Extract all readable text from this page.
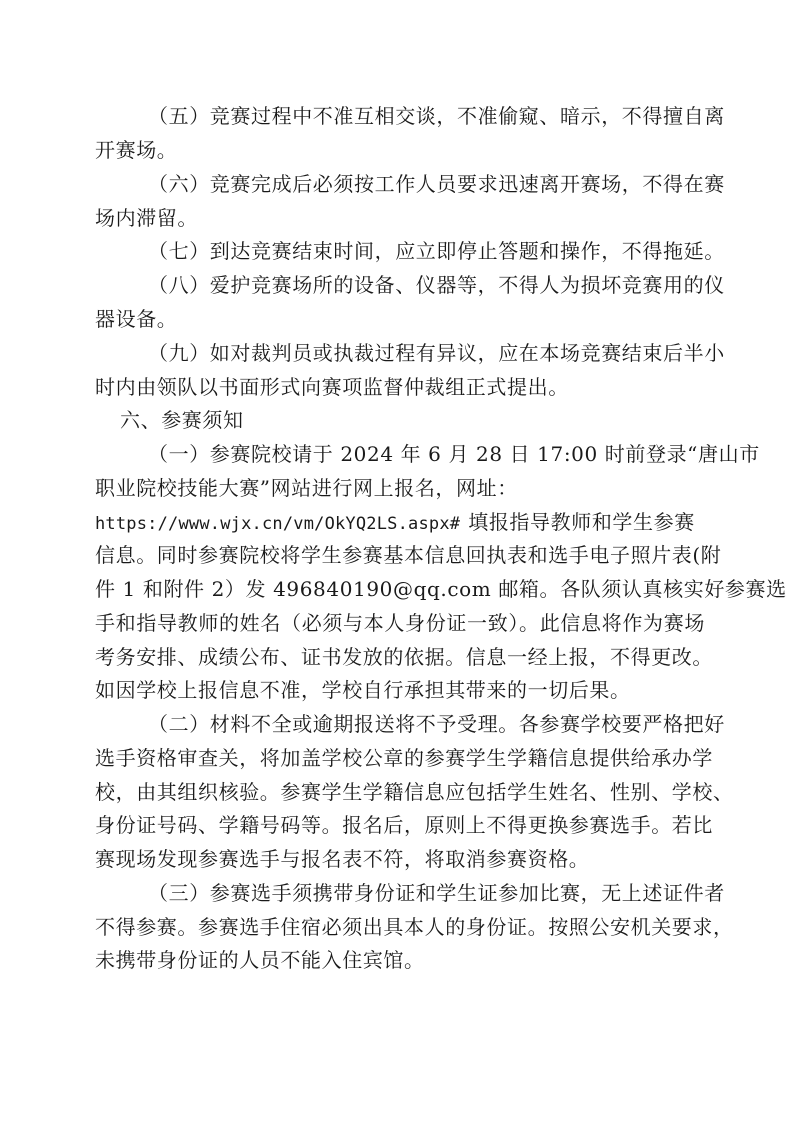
（五）竞赛过程中不准互相交谈，不准偷窥、暗示，不得擅自离
开赛场。
（六）竞赛完成后必须按工作人员要求迅速离开赛场，不得在赛
场内滞留。
（七）到达竞赛结束时间，应立即停止答题和操作，不得拖延。
（八）爱护竞赛场所的设备、仪器等，不得人为损坏竞赛用的仪
器设备。
（九）如对裁判员或执裁过程有异议，应在本场竞赛结束后半小
时内由领队以书面形式向赛项监督仲裁组正式提出。
六、参赛须知
（一）参赛院校请于 2024 年 6 月 28 日 17:00 时前登录“唐山市
职业院校技能大赛”网站进行网上报名，网址：
https://www.wjx.cn/vm/OkYQ2LS.aspx# 填报指导教师和学生参赛
信息。同时参赛院校将学生参赛基本信息回执表和选手电子照片表(附
件 1 和附件 2）发 496840190@qq.com 邮箱。各队须认真核实好参赛选
手和指导教师的姓名（必须与本人身份证一致）。此信息将作为赛场
考务安排、成绩公布、证书发放的依据。信息一经上报，不得更改。
如因学校上报信息不准，学校自行承担其带来的一切后果。
（二）材料不全或逾期报送将不予受理。各参赛学校要严格把好
选手资格审查关，将加盖学校公章的参赛学生学籍信息提供给承办学
校，由其组织核验。参赛学生学籍信息应包括学生姓名、性别、学校、
身份证号码、学籍号码等。报名后，原则上不得更换参赛选手。若比
赛现场发现参赛选手与报名表不符，将取消参赛资格。
（三）参赛选手须携带身份证和学生证参加比赛，无上述证件者
不得参赛。参赛选手住宿必须出具本人的身份证。按照公安机关要求，
未携带身份证的人员不能入住宾馆。
